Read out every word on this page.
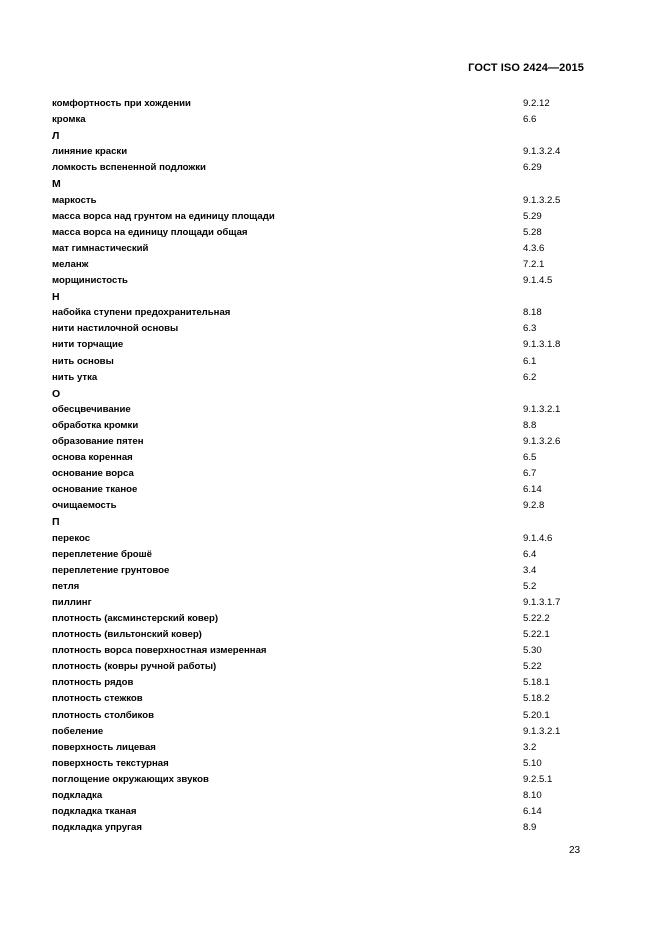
ГОСТ ISO 2424—2015
комфортность при хождении	9.2.12
кромка	6.6
Л
линяние краски	9.1.3.2.4
ломкость вспененной подложки	6.29
М
маркость	9.1.3.2.5
масса ворса над грунтом на единицу площади	5.29
масса ворса на единицу площади общая	5.28
мат гимнастический	4.3.6
меланж	7.2.1
морщинистость	9.1.4.5
Н
набойка ступени предохранительная	8.18
нити настилочной основы	6.3
нити торчащие	9.1.3.1.8
нить основы	6.1
нить утка	6.2
О
обесцвечивание	9.1.3.2.1
обработка кромки	8.8
образование пятен	9.1.3.2.6
основа коренная	6.5
основание ворса	6.7
основание тканое	6.14
очищаемость	9.2.8
П
перекос	9.1.4.6
переплетение брошё	6.4
переплетение грунтовое	3.4
петля	5.2
пиллинг	9.1.3.1.7
плотность (аксминстерский ковер)	5.22.2
плотность (вильтонский ковер)	5.22.1
плотность ворса поверхностная измеренная	5.30
плотность (ковры ручной работы)	5.22
плотность рядов	5.18.1
плотность стежков	5.18.2
плотность столбиков	5.20.1
побеление	9.1.3.2.1
поверхность лицевая	3.2
поверхность текстурная	5.10
поглощение окружающих звуков	9.2.5.1
подкладка	8.10
подкладка тканая	6.14
подкладка упругая	8.9
23
